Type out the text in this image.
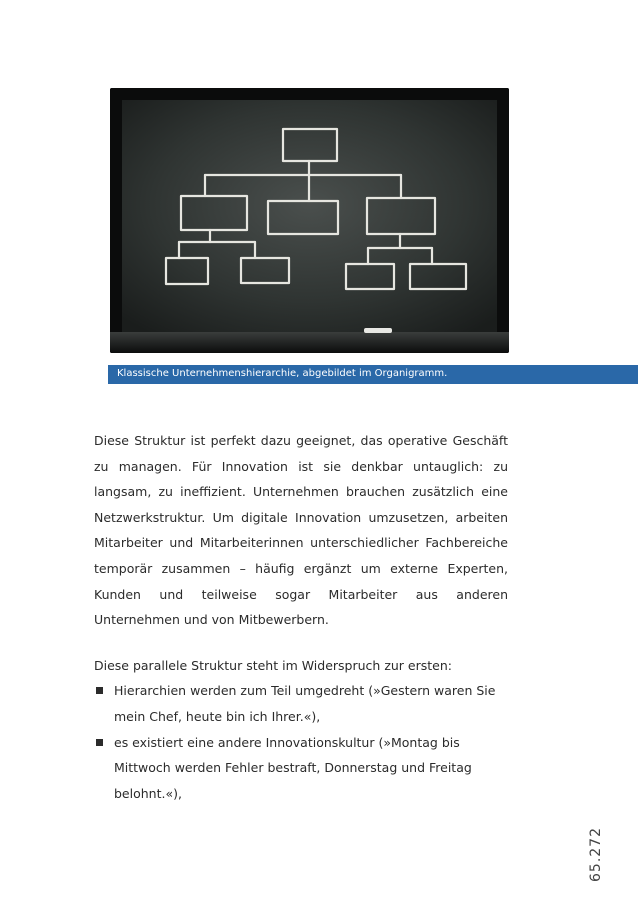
Klassische Unternehmenshierarchie, abgebildet im Organigramm.

Diese Struktur ist perfekt dazu geeignet, das operative Geschäft zu managen. Für Innovation ist sie denkbar untauglich: zu langsam, zu ineffizient. Unternehmen brauchen zusätzlich eine Netzwerkstruktur. Um digitale Innovation umzusetzen, arbeiten Mitarbeiter und Mitarbeiterinnen unterschiedlicher Fachbereiche temporär zusammen – häufig ergänzt um externe Experten, Kunden und teilweise sogar Mitarbeiter aus anderen Unternehmen und von Mitbewerbern.

Diese parallele Struktur steht im Widerspruch zur ersten:

Hierarchien werden zum Teil umgedreht (»Gestern waren Sie mein Chef, heute bin ich Ihrer.«),
es existiert eine andere Innovationskultur (»Montag bis Mittwoch werden Fehler bestraft, Donnerstag und Freitag belohnt.«),
65.272
